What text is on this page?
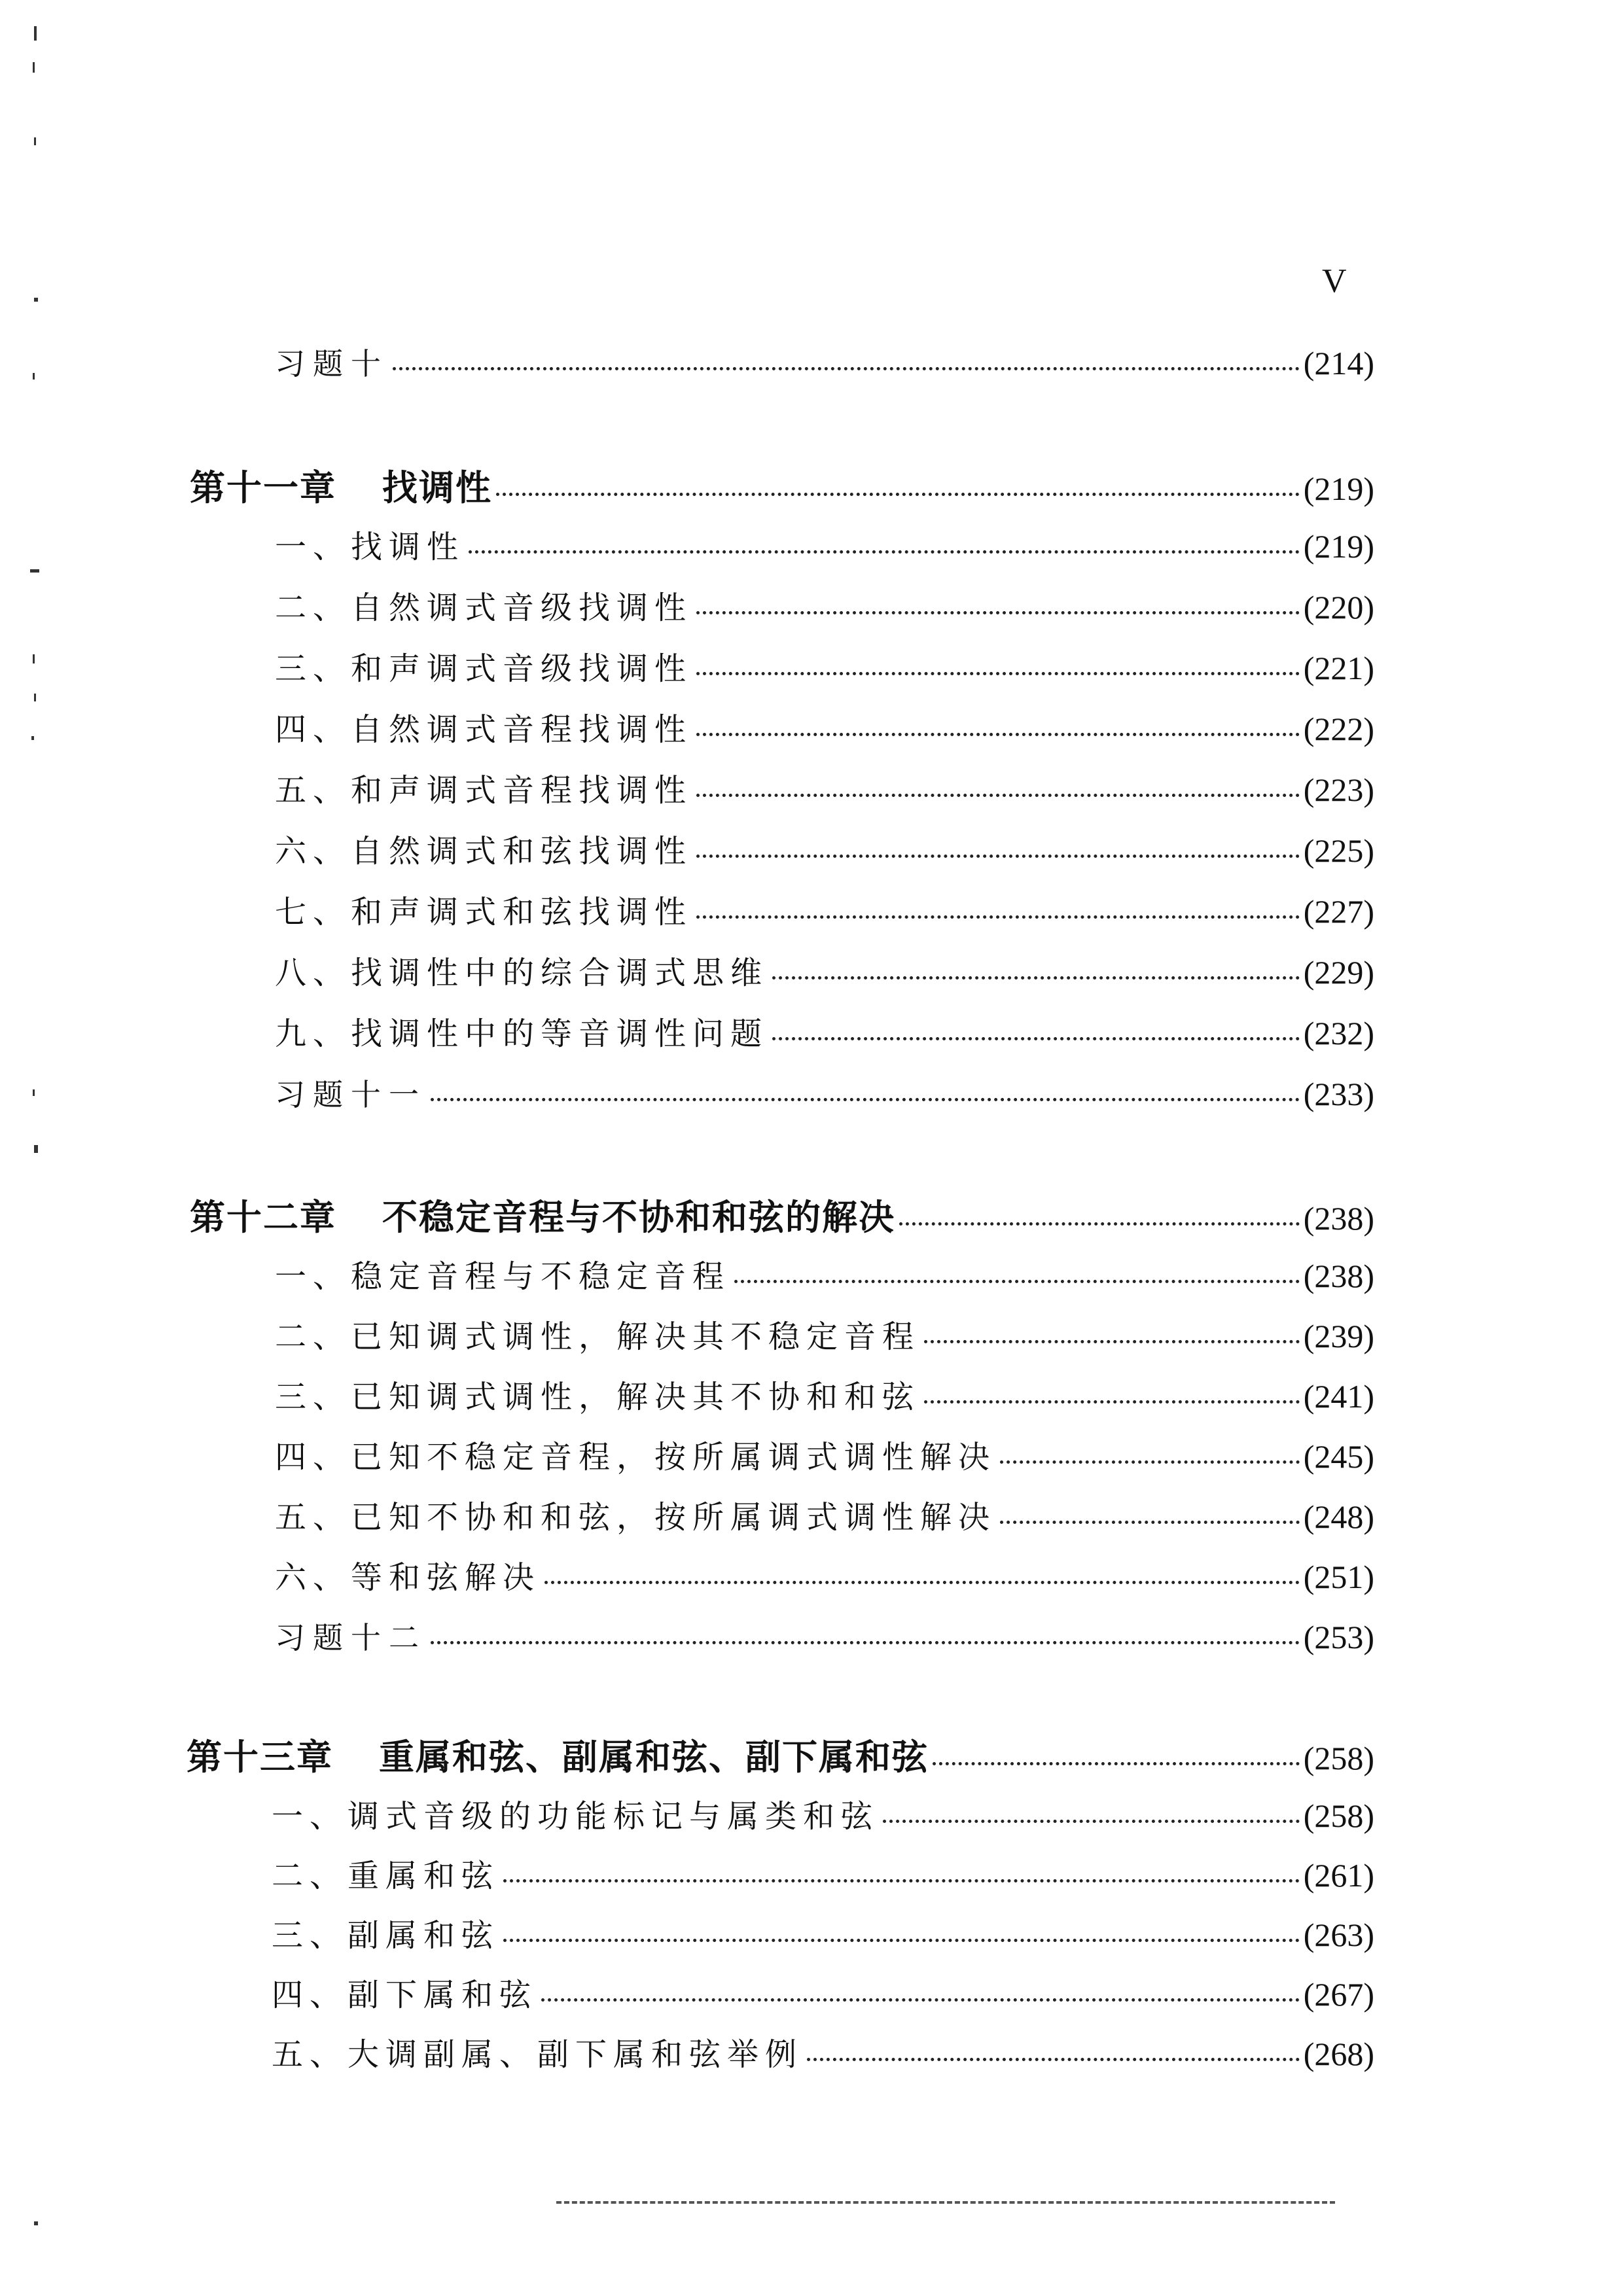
V
习题十	(214)
第十一章 找调性	(219)
一、找调性	(219)
二、自然调式音级找调性	(220)
三、和声调式音级找调性	(221)
四、自然调式音程找调性	(222)
五、和声调式音程找调性	(223)
六、自然调式和弦找调性	(225)
七、和声调式和弦找调性	(227)
八、找调性中的综合调式思维	(229)
九、找调性中的等音调性问题	(232)
习题十一	(233)
第十二章 不稳定音程与不协和和弦的解决	(238)
一、稳定音程与不稳定音程	(238)
二、已知调式调性，解决其不稳定音程	(239)
三、已知调式调性，解决其不协和和弦	(241)
四、已知不稳定音程，按所属调式调性解决	(245)
五、已知不协和和弦，按所属调式调性解决	(248)
六、等和弦解决	(251)
习题十二	(253)
第十三章 重属和弦、副属和弦、副下属和弦	(258)
一、调式音级的功能标记与属类和弦	(258)
二、重属和弦	(261)
三、副属和弦	(263)
四、副下属和弦	(267)
五、大调副属、副下属和弦举例	(268)
